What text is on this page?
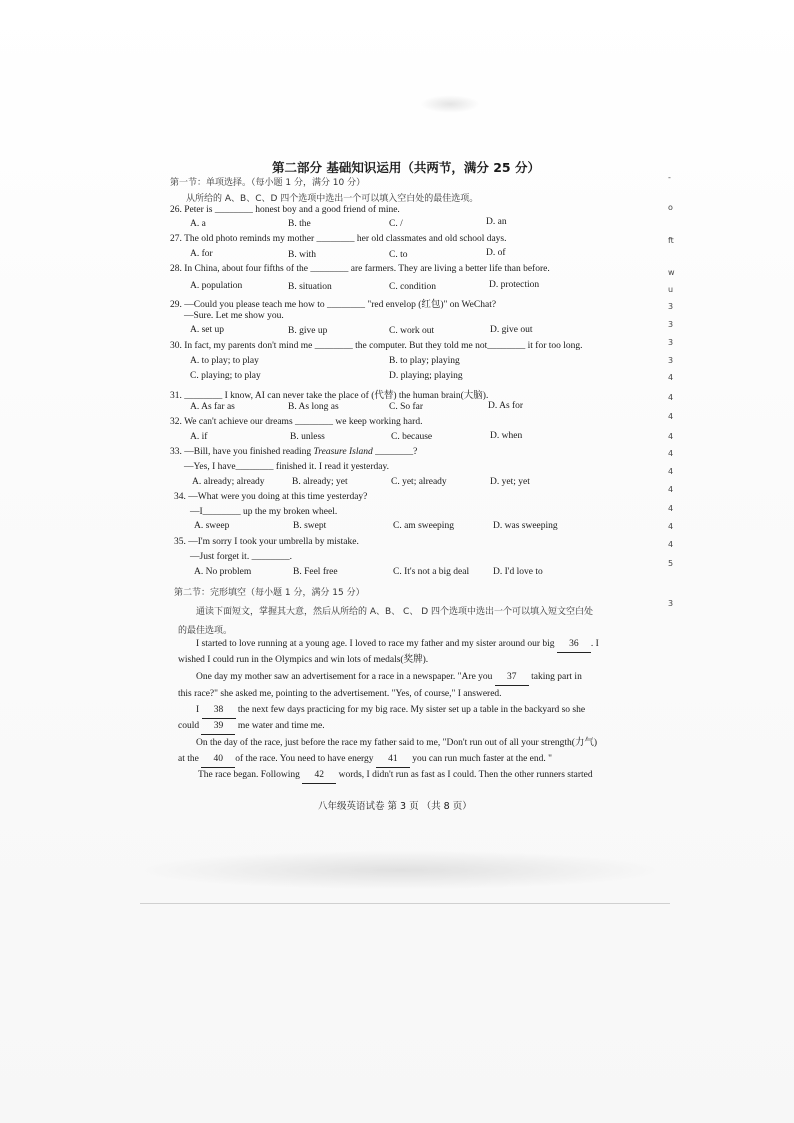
第二部分 基础知识运用（共两节，满分 25 分）
第一节：单项选择。（每小题 1 分，满分 10 分）
从所给的 A、B、C、D 四个选项中选出一个可以填入空白处的最佳选项。
26. Peter is ________ honest boy and a good friend of mine.
A. a	B. the	C. /	D. an
27. The old photo reminds my mother ________ her old classmates and old school days.
A. for	B. with	C. to	D. of
28. In China, about four fifths of the ________ are farmers. They are living a better life than before.
A. population	B. situation	C. condition	D. protection
29. —Could you please teach me how to ________ "red envelop (红包)" on WeChat?
—Sure. Let me show you.
A. set up	B. give up	C. work out	D. give out
30. In fact, my parents don't mind me ________ the computer. But they told me not________ it for too long.
A. to play; to play	B. to play; playing
C. playing; to play	D. playing; playing
31. ________ I know, AI can never take the place of (代替) the human brain(大脑).
A. As far as	B. As long as	C. So far	D. As for
32. We can't achieve our dreams ________ we keep working hard.
A. if	B. unless	C. because	D. when
33. —Bill, have you finished reading Treasure Island ________?
—Yes, I have________ finished it. I read it yesterday.
A. already; already	B. already; yet	C. yet; already	D. yet; yet
34. —What were you doing at this time yesterday?
—I________ up the my broken wheel.
A. sweep	B. swept	C. am sweeping	D. was sweeping
35. —I'm sorry I took your umbrella by mistake.
—Just forget it. ________.
A. No problem	B. Feel free	C. It's not a big deal	D. I'd love to
第二节：完形填空（每小题 1 分，满分 15 分）
通读下面短文，掌握其大意，然后从所给的 A、B、 C、 D 四个选项中选出一个可以填入短文空白处
的最佳选项。
I started to love running at a young age. I loved to race my father and my sister around our big 36 . I
wished I could run in the Olympics and win lots of medals(奖牌).
One day my mother saw an advertisement for a race in a newspaper. "Are you 37 taking part in
this race?" she asked me, pointing to the advertisement. "Yes, of course," I answered.
I 38 the next few days practicing for my big race. My sister set up a table in the backyard so she
could 39 me water and time me.
On the day of the race, just before the race my father said to me, "Don't run out of all your strength(力气)
at the 40 of the race. You need to have energy 41 you can run much faster at the end. "
The race began. Following 42 words, I didn't run as fast as I could. Then the other runners started
八年级英语试卷 第 3 页 （共 8 页）
-
o
ft
w
u
3
3
3
3
4
4
4
4
4
4
4
4
4
4
5
3
